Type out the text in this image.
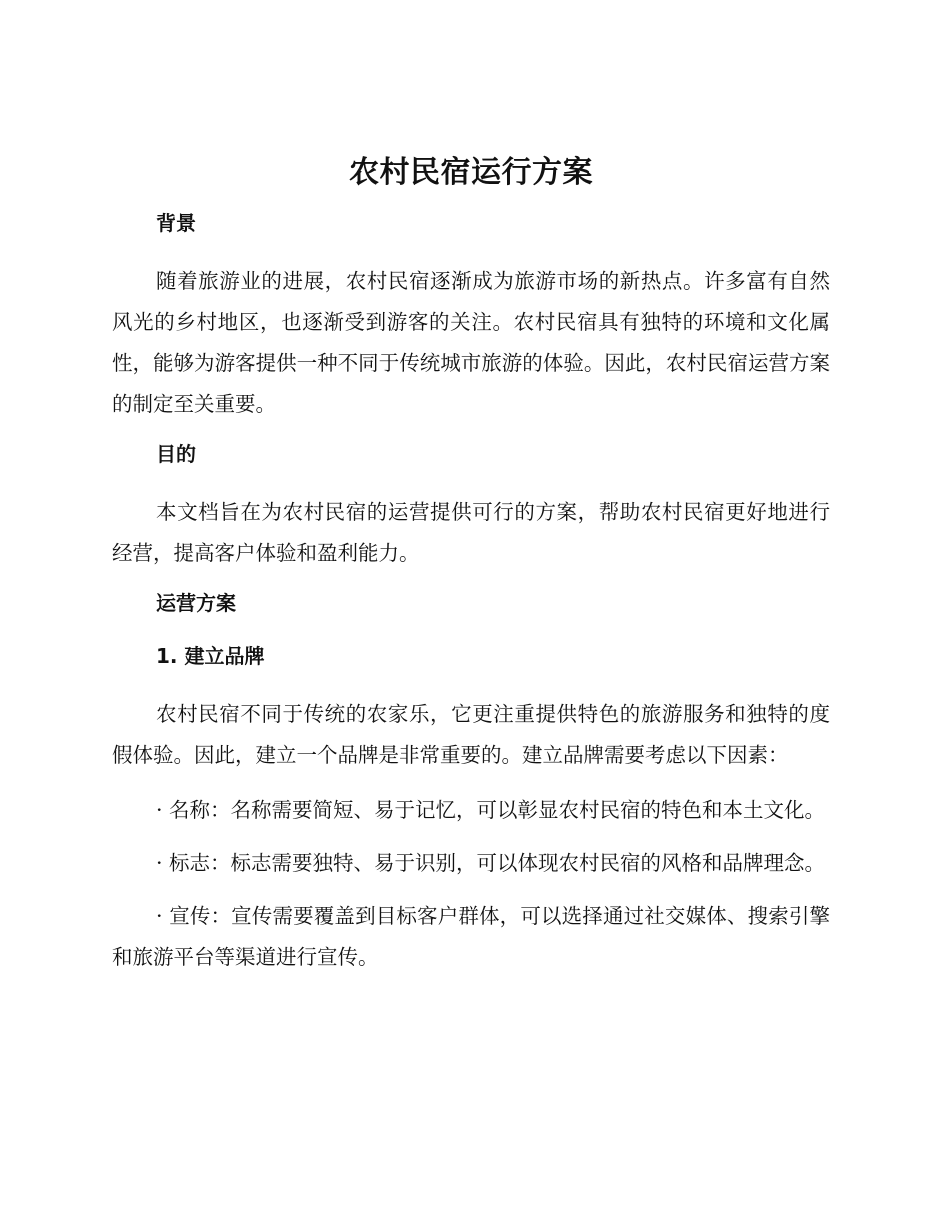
农村民宿运行方案
背景

随着旅游业的进展，农村民宿逐渐成为旅游市场的新热点。许多富有自然风光的乡村地区，也逐渐受到游客的关注。农村民宿具有独特的环境和文化属性，能够为游客提供一种不同于传统城市旅游的体验。因此，农村民宿运营方案的制定至关重要。

目的

本文档旨在为农村民宿的运营提供可行的方案，帮助农村民宿更好地进行经营，提高客户体验和盈利能力。

运营方案
1. 建立品牌

农村民宿不同于传统的农家乐，它更注重提供特色的旅游服务和独特的度假体验。因此，建立一个品牌是非常重要的。建立品牌需要考虑以下因素：

· 名称：名称需要简短、易于记忆，可以彰显农村民宿的特色和本土文化。

· 标志：标志需要独特、易于识别，可以体现农村民宿的风格和品牌理念。

· 宣传：宣传需要覆盖到目标客户群体，可以选择通过社交媒体、搜索引擎和旅游平台等渠道进行宣传。
